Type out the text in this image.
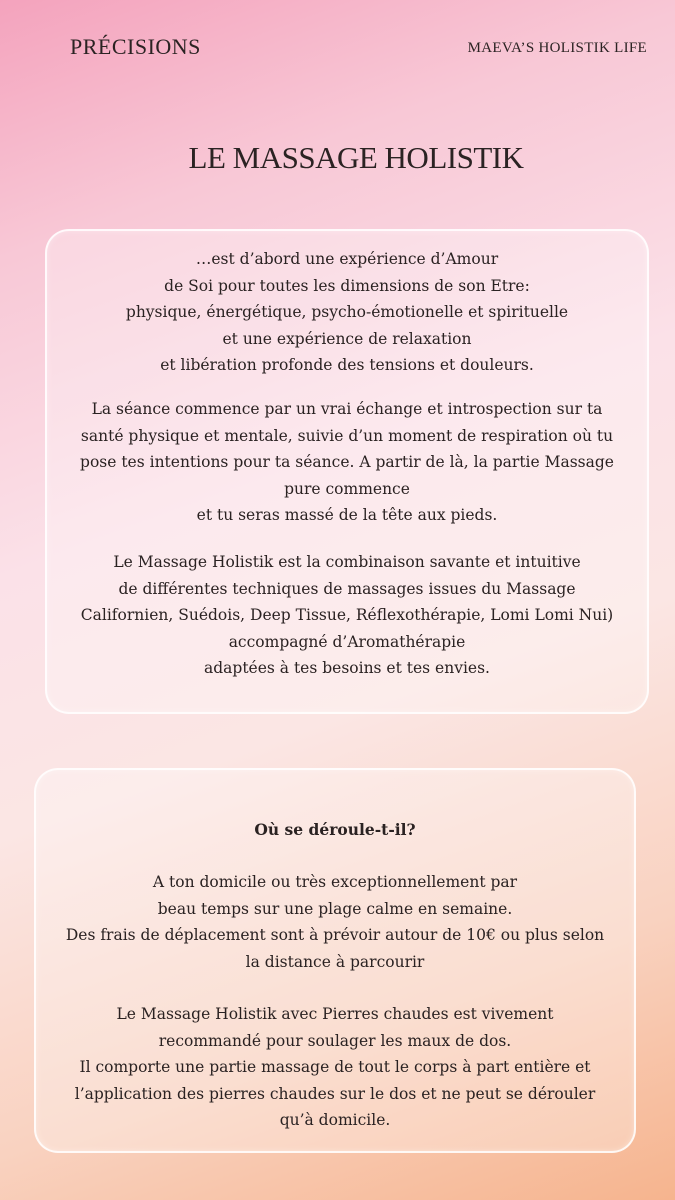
PRÉCISIONS	MAEVA’S HOLISTIK LIFE
LE MASSAGE HOLISTIK

…est d’abord une expérience d’Amour
de Soi pour toutes les dimensions de son Etre:
physique, énergétique, psycho-émotionelle et spirituelle
et une expérience de relaxation
et libération profonde des tensions et douleurs.

La séance commence par un vrai échange et introspection sur ta
santé physique et mentale, suivie d’un moment de respiration où tu
pose tes intentions pour ta séance. A partir de là, la partie Massage
pure commence
et tu seras massé de la tête aux pieds.

Le Massage Holistik est la combinaison savante et intuitive
de différentes techniques de massages issues du Massage
Californien, Suédois, Deep Tissue, Réflexothérapie, Lomi Lomi Nui)
accompagné d’Aromathérapie
adaptées à tes besoins et tes envies.

Où se déroule-t-il?

A ton domicile ou très exceptionnellement par
beau temps sur une plage calme en semaine.
Des frais de déplacement sont à prévoir autour de 10€ ou plus selon
la distance à parcourir

Le Massage Holistik avec Pierres chaudes est vivement
recommandé pour soulager les maux de dos.
Il comporte une partie massage de tout le corps à part entière et
l’application des pierres chaudes sur le dos et ne peut se dérouler
qu’à domicile.
